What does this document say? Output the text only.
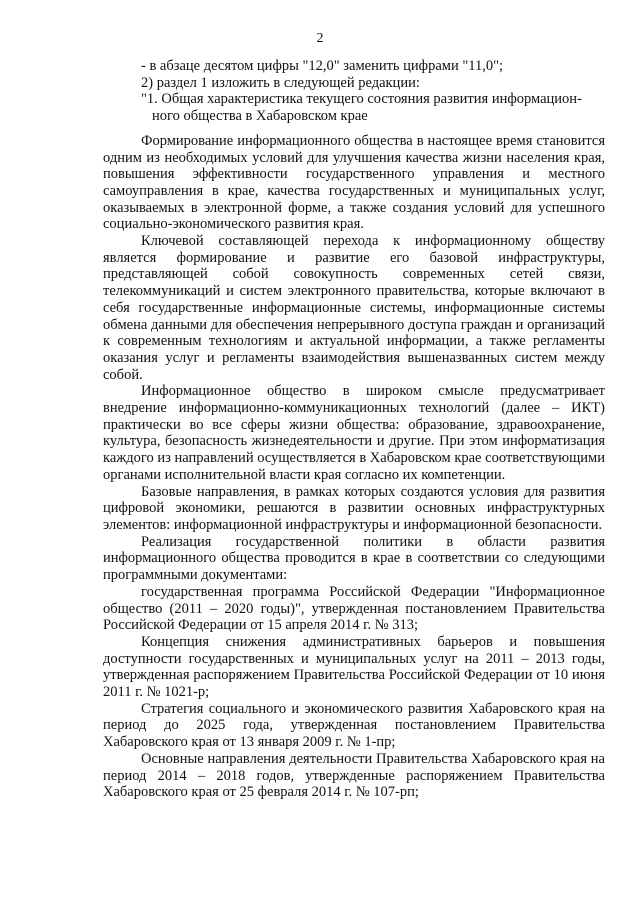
2

- в абзаце десятом цифры "12,0" заменить цифрами "11,0";

2) раздел 1 изложить в следующей редакции:

"1. Общая характеристика текущего состояния развития информацион-
ного общества в Хабаровском крае

Формирование информационного общества в настоящее время становится одним из необходимых условий для улучшения качества жизни населения края, повышения эффективности государственного управления и местного самоуправления в крае, качества государственных и муниципальных услуг, оказываемых в электронной форме, а также создания условий для успешного социально-экономического развития края.

Ключевой составляющей перехода к информационному обществу является формирование и развитие его базовой инфраструктуры, представляющей собой совокупность современных сетей связи, телекоммуникаций и систем электронного правительства, которые включают в себя государственные информационные системы, информационные системы обмена данными для обеспечения непрерывного доступа граждан и организаций к современным технологиям и актуальной информации, а также регламенты оказания услуг и регламенты взаимодействия вышеназванных систем между собой.

Информационное общество в широком смысле предусматривает внедрение информационно-коммуникационных технологий (далее – ИКТ) практически во все сферы жизни общества: образование, здравоохранение, культура, безопасность жизнедеятельности и другие. При этом информатизация каждого из направлений осуществляется в Хабаровском крае соответствующими органами исполнительной власти края согласно их компетенции.

Базовые направления, в рамках которых создаются условия для развития цифровой экономики, решаются в развитии основных инфраструктурных элементов: информационной инфраструктуры и информационной безопасности.

Реализация государственной политики в области развития информационного общества проводится в крае в соответствии со следующими программными документами:

государственная программа Российской Федерации "Информационное общество (2011 – 2020 годы)", утвержденная постановлением Правительства Российской Федерации от 15 апреля 2014 г. № 313;

Концепция снижения административных барьеров и повышения доступности государственных и муниципальных услуг на 2011 – 2013 годы, утвержденная распоряжением Правительства Российской Федерации от 10 июня 2011 г. № 1021-р;

Стратегия социального и экономического развития Хабаровского края на период до 2025 года, утвержденная постановлением Правительства Хабаровского края от 13 января 2009 г. № 1-пр;

Основные направления деятельности Правительства Хабаровского края на период 2014 – 2018 годов, утвержденные распоряжением Правительства Хабаровского края от 25 февраля 2014 г. № 107-рп;
